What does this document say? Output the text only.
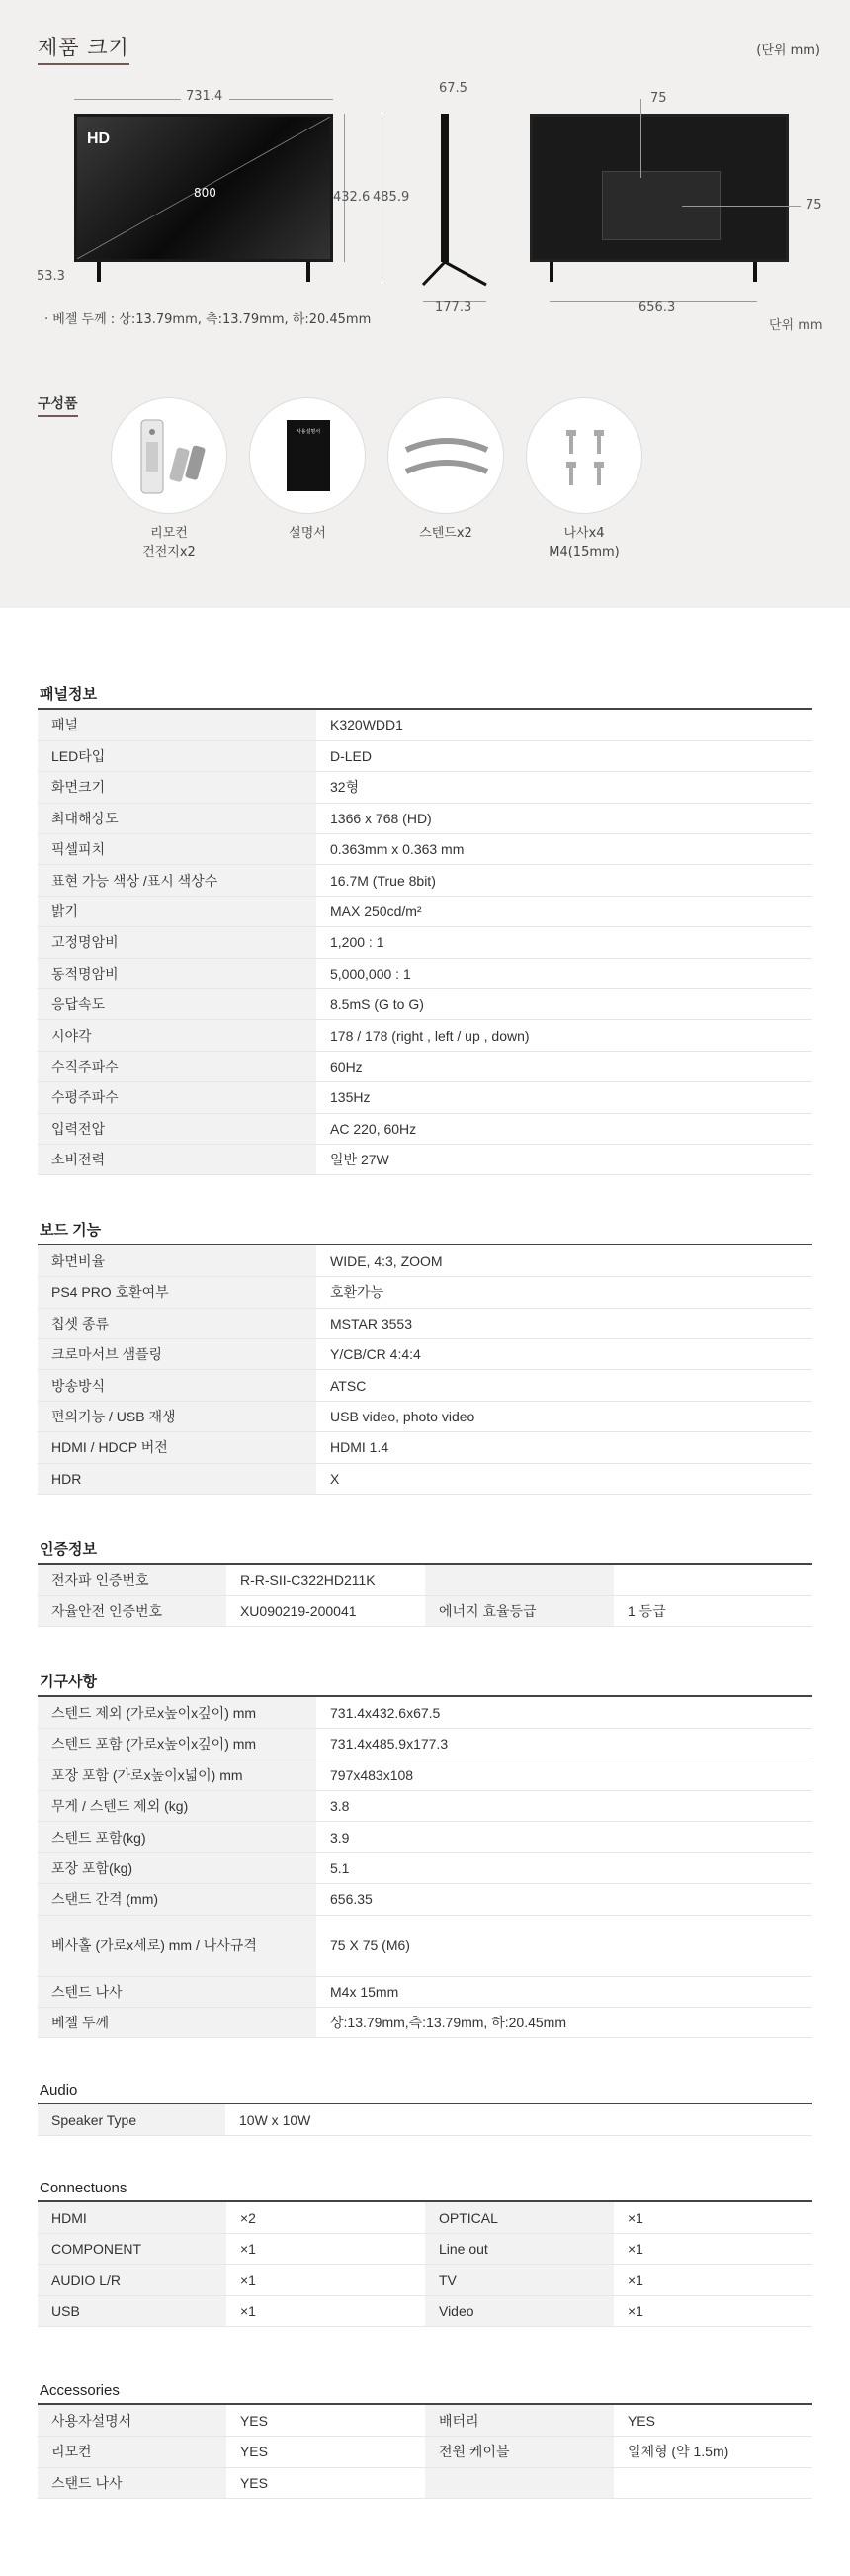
제품 크기	(단위 mm)
731.4
HD
800	432.6 485.9
53.3
67.5
177.3
75
75
656.3
단위 mm
· 베젤 두께 : 상:13.79mm, 측:13.79mm, 하:20.45mm
구성품
사용설명서
리모컨
건전지x2
설명서	스텐드x2	나사x4
M4(15mm)
패널정보
패널	K320WDD1
LED타입	D-LED
화면크기	32형
최대해상도	1366 x 768 (HD)
픽셀피치	0.363mm x 0.363 mm
표현 가능 색상 /표시 색상수	16.7M (True 8bit)
밝기	MAX 250cd/m²
고정명암비	1,200 : 1
동적명암비	5,000,000 : 1
응답속도	8.5mS (G to G)
시야각	178 / 178 (right , left / up , down)
수직주파수	60Hz
수평주파수	135Hz
입력전압	AC 220, 60Hz
소비전력	일반 27W
보드 기능
화면비율	WIDE, 4:3, ZOOM
PS4 PRO 호환여부	호환가능
칩셋 종류	MSTAR 3553
크로마서브 샘플링	Y/CB/CR 4:4:4
방송방식	ATSC
편의기능 / USB 재생	USB video, photo video
HDMI / HDCP 버전	HDMI 1.4
HDR	X
인증정보
전자파 인증번호	R-R-SII-C322HD211K		
자율안전 인증번호	XU090219-200041	에너지 효율등급	1 등급
기구사항
스텐드 제외 (가로x높이x깊이) mm	731.4x432.6x67.5
스텐드 포함 (가로x높이x깊이) mm	731.4x485.9x177.3
포장 포함 (가로x높이x넓이) mm	797x483x108
무게 / 스텐드 제외 (kg)	3.8
스텐드 포함(kg)	3.9
포장 포함(kg)	5.1
스탠드 간격 (mm)	656.35
베사홀 (가로x세로) mm / 나사규격	75 X 75 (M6)
스텐드 나사	M4x 15mm
베젤 두께	상:13.79mm,측:13.79mm, 하:20.45mm
Audio
Speaker Type	10W x 10W
Connectuons
HDMI	×2	OPTICAL	×1
COMPONENT	×1	Line out	×1
AUDIO L/R	×1	TV	×1
USB	×1	Video	×1
Accessories
사용자설명서	YES	배터리	YES
리모컨	YES	전원 케이블	일체형 (약 1.5m)
스탠드 나사	YES		
